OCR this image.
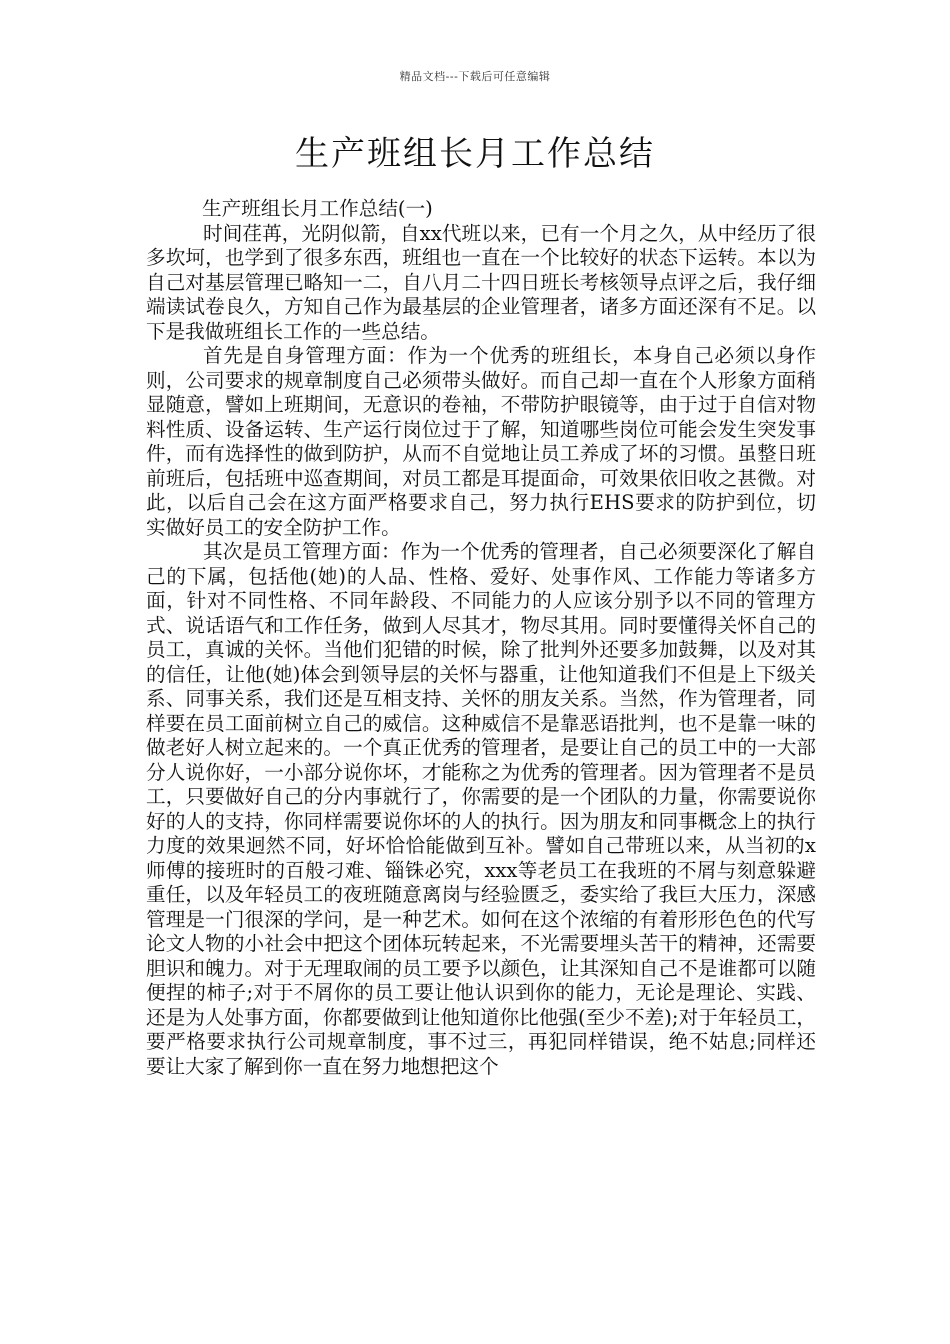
精品文档---下载后可任意编辑
生产班组长月工作总结

生产班组长月工作总结(一)

时间荏苒，光阴似箭，自xx代班以来，已有一个月之久，从中经历了很多坎坷，也学到了很多东西，班组也一直在一个比较好的状态下运转。本以为自己对基层管理已略知一二，自八月二十四日班长考核领导点评之后，我仔细端读试卷良久，方知自己作为最基层的企业管理者，诸多方面还深有不足。以下是我做班组长工作的一些总结。

首先是自身管理方面：作为一个优秀的班组长，本身自己必须以身作则，公司要求的规章制度自己必须带头做好。而自己却一直在个人形象方面稍显随意，譬如上班期间，无意识的卷袖，不带防护眼镜等，由于过于自信对物料性质、设备运转、生产运行岗位过于了解，知道哪些岗位可能会发生突发事件，而有选择性的做到防护，从而不自觉地让员工养成了坏的习惯。虽整日班前班后，包括班中巡查期间，对员工都是耳提面命，可效果依旧收之甚微。对此，以后自己会在这方面严格要求自己，努力执行EHS要求的防护到位，切实做好员工的安全防护工作。

其次是员工管理方面：作为一个优秀的管理者，自己必须要深化了解自己的下属，包括他(她)的人品、性格、爱好、处事作风、工作能力等诸多方面，针对不同性格、不同年龄段、不同能力的人应该分别予以不同的管理方式、说话语气和工作任务，做到人尽其才，物尽其用。同时要懂得关怀自己的员工，真诚的关怀。当他们犯错的时候，除了批判外还要多加鼓舞，以及对其的信任，让他(她)体会到领导层的关怀与器重，让他知道我们不但是上下级关系、同事关系，我们还是互相支持、关怀的朋友关系。当然，作为管理者，同样要在员工面前树立自己的威信。这种威信不是靠恶语批判，也不是靠一味的做老好人树立起来的。一个真正优秀的管理者，是要让自己的员工中的一大部分人说你好，一小部分说你坏，才能称之为优秀的管理者。因为管理者不是员工，只要做好自己的分内事就行了，你需要的是一个团队的力量，你需要说你好的人的支持，你同样需要说你坏的人的执行。因为朋友和同事概念上的执行力度的效果迥然不同，好坏恰恰能做到互补。譬如自己带班以来，从当初的x师傅的接班时的百般刁难、锱铢必究，xxx等老员工在我班的不屑与刻意躲避重任，以及年轻员工的夜班随意离岗与经验匮乏，委实给了我巨大压力，深感管理是一门很深的学问，是一种艺术。如何在这个浓缩的有着形形色色的代写论文人物的小社会中把这个团体玩转起来，不光需要埋头苦干的精神，还需要胆识和魄力。对于无理取闹的员工要予以颜色，让其深知自己不是谁都可以随便捏的柿子;对于不屑你的员工要让他认识到你的能力，无论是理论、实践、还是为人处事方面，你都要做到让他知道你比他强(至少不差);对于年轻员工，要严格要求执行公司规章制度，事不过三，再犯同样错误，绝不姑息;同样还要让大家了解到你一直在努力地想把这个
